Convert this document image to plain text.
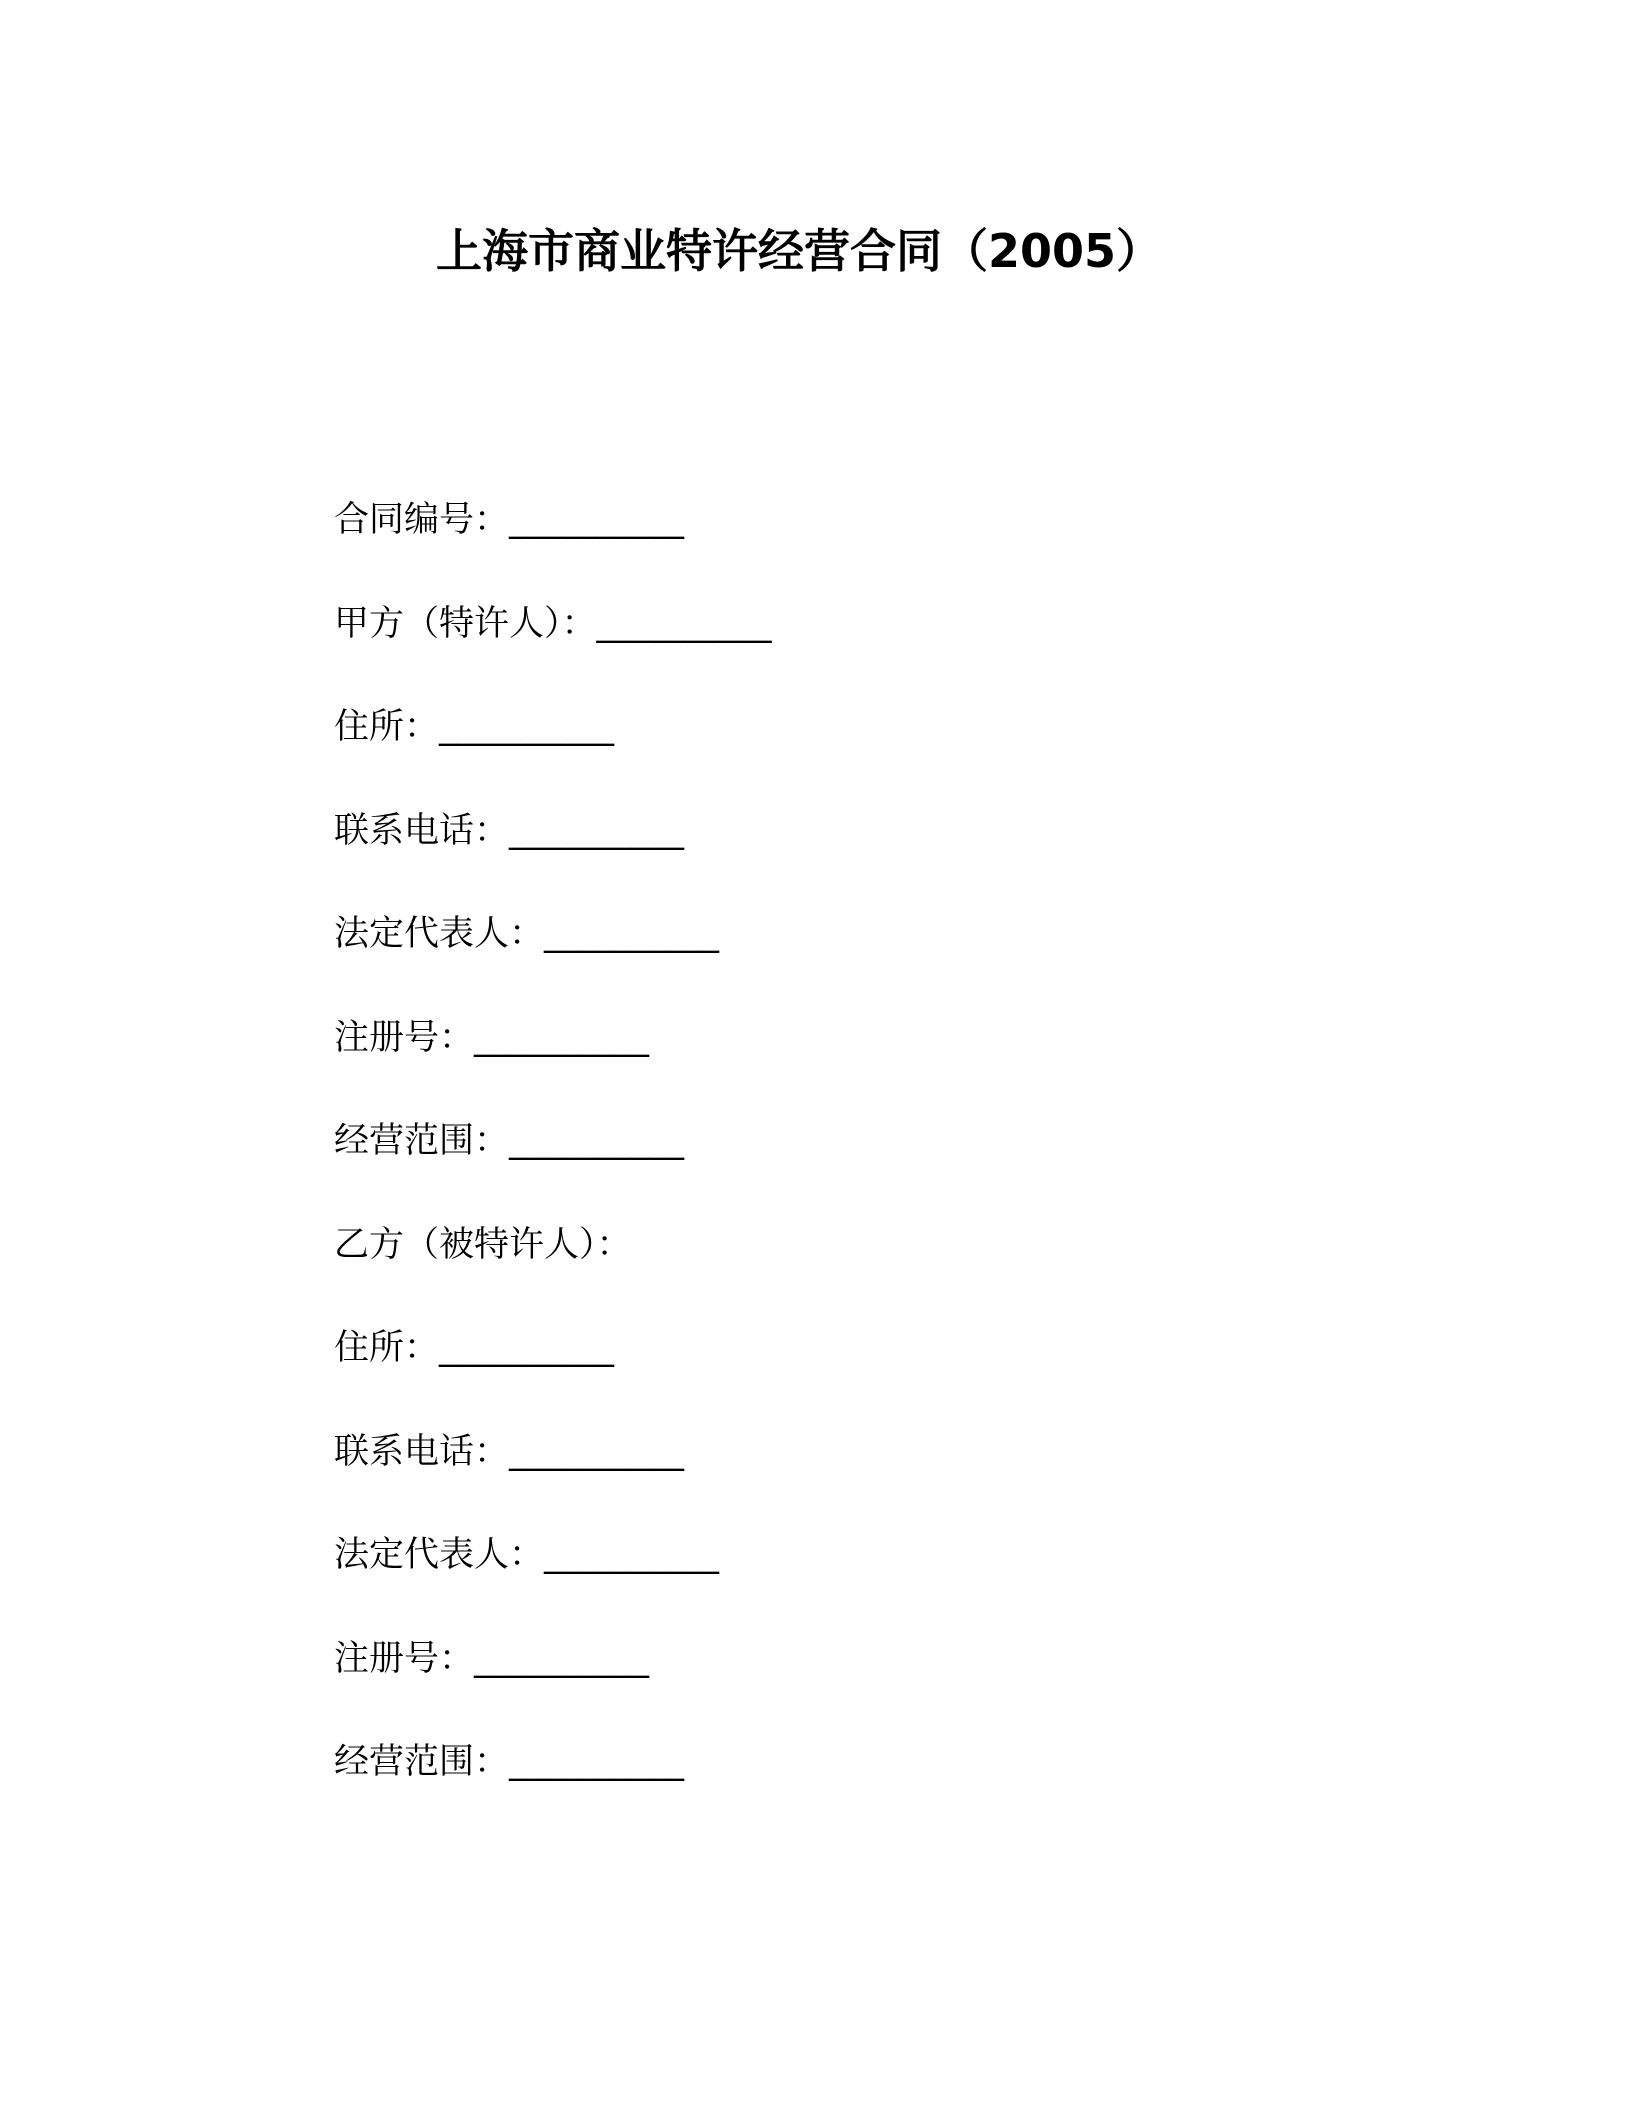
上海市商业特许经营合同（2005）
合同编号：__________
甲方（特许人）：__________
住所：__________
联系电话：__________
法定代表人：__________
注册号：__________
经营范围：__________
乙方（被特许人）：
住所：__________
联系电话：__________
法定代表人：__________
注册号：__________
经营范围：__________
